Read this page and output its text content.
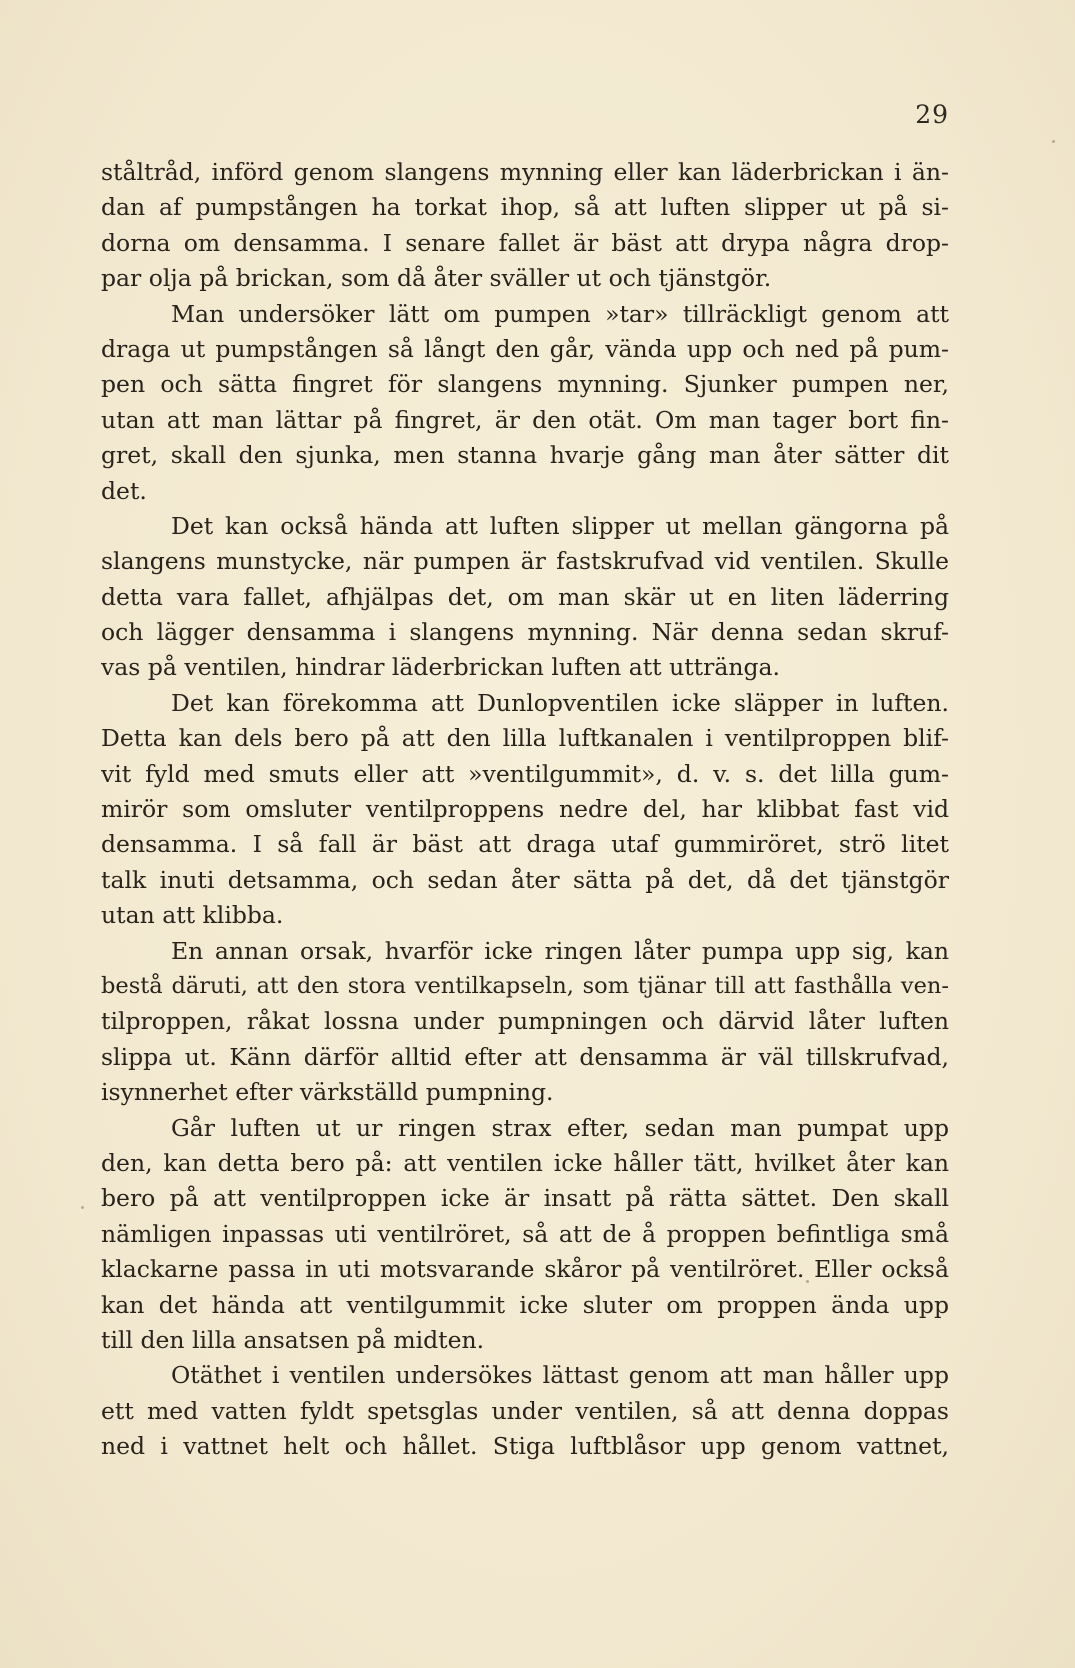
29
ståltråd, införd genom slangens mynning eller kan läderbrickan i än-
dan af pumpstången ha torkat ihop, så att luften slipper ut på si-
dorna om densamma. I senare fallet är bäst att drypa några drop-
par olja på brickan, som då åter sväller ut och tjänstgör.
Man undersöker lätt om pumpen »tar» tillräckligt genom att
draga ut pumpstången så långt den går, vända upp och ned på pum-
pen och sätta fingret för slangens mynning. Sjunker pumpen ner,
utan att man lättar på fingret, är den otät. Om man tager bort fin-
gret, skall den sjunka, men stanna hvarje gång man åter sätter dit
det.
Det kan också hända att luften slipper ut mellan gängorna på
slangens munstycke, när pumpen är fastskrufvad vid ventilen. Skulle
detta vara fallet, afhjälpas det, om man skär ut en liten läderring
och lägger densamma i slangens mynning. När denna sedan skruf-
vas på ventilen, hindrar läderbrickan luften att uttränga.
Det kan förekomma att Dunlopventilen icke släpper in luften.
Detta kan dels bero på att den lilla luftkanalen i ventilproppen blif-
vit fyld med smuts eller att »ventilgummit», d. v. s. det lilla gum-
mirör som omsluter ventilproppens nedre del, har klibbat fast vid
densamma. I så fall är bäst att draga utaf gummiröret, strö litet
talk inuti detsamma, och sedan åter sätta på det, då det tjänstgör
utan att klibba.
En annan orsak, hvarför icke ringen låter pumpa upp sig, kan
bestå däruti, att den stora ventilkapseln, som tjänar till att fasthålla ven-
tilproppen, råkat lossna under pumpningen och därvid låter luften
slippa ut. Känn därför alltid efter att densamma är väl tillskrufvad,
isynnerhet efter värkställd pumpning.
Går luften ut ur ringen strax efter, sedan man pumpat upp
den, kan detta bero på: att ventilen icke håller tätt, hvilket åter kan
bero på att ventilproppen icke är insatt på rätta sättet. Den skall
nämligen inpassas uti ventilröret, så att de å proppen befintliga små
klackarne passa in uti motsvarande skåror på ventilröret. Eller också
kan det hända att ventilgummit icke sluter om proppen ända upp
till den lilla ansatsen på midten.
Otäthet i ventilen undersökes lättast genom att man håller upp
ett med vatten fyldt spetsglas under ventilen, så att denna doppas
ned i vattnet helt och hållet. Stiga luftblåsor upp genom vattnet,
